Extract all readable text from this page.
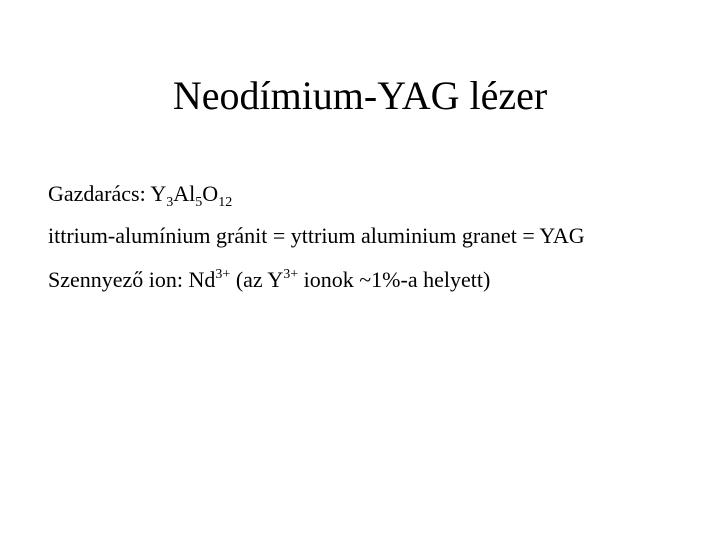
Neodímium-YAG lézer
Gazdarács: $Y_3Al_5O_{12}$
ittrium-alumínium gránit = yttrium aluminium granet = YAG
Szennyező ion: $Nd^{3+}$ (az $Y^{3+}$ ionok ~1%-a helyett)
